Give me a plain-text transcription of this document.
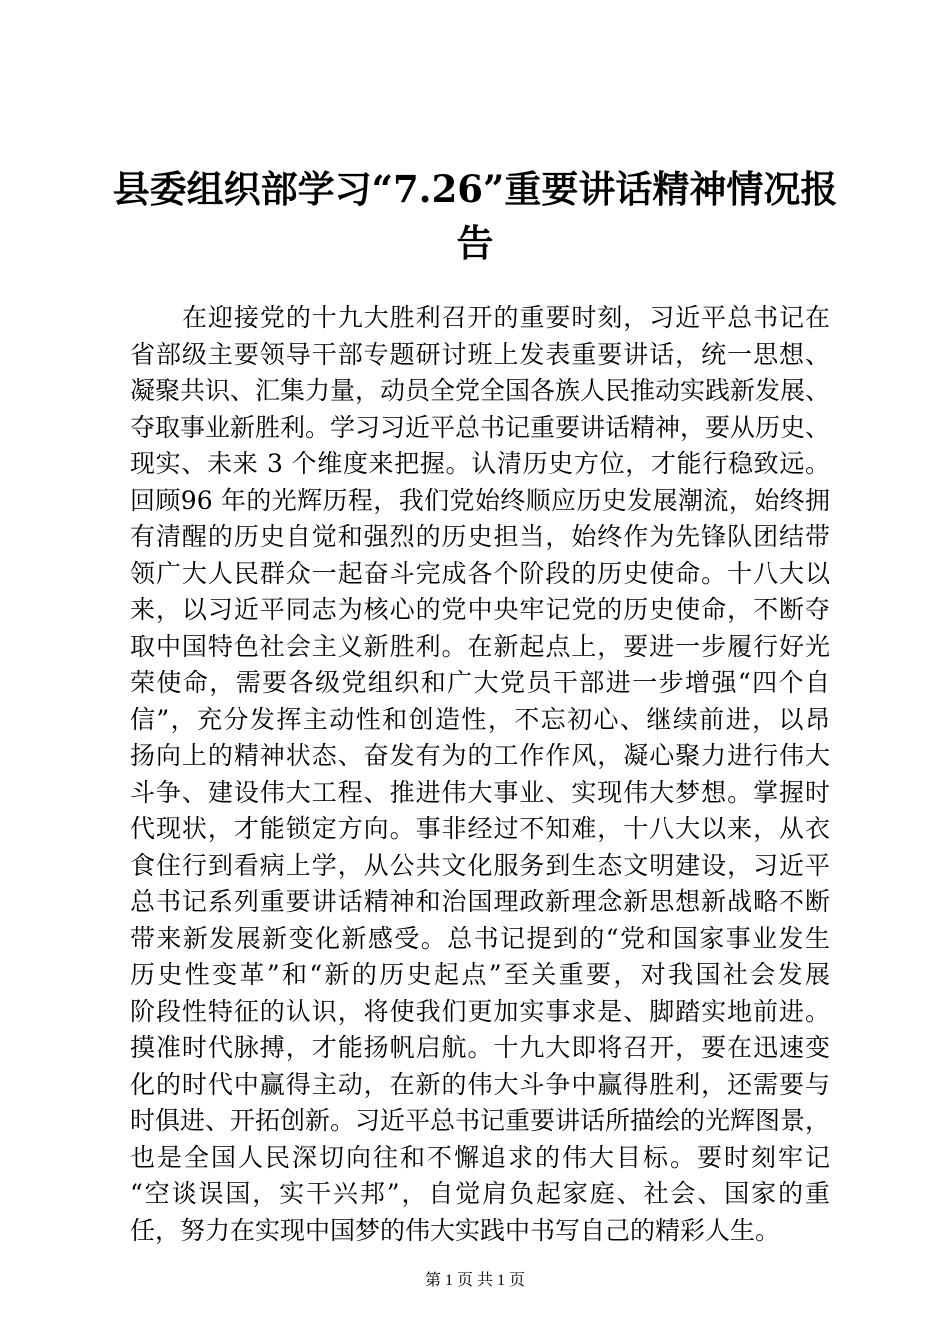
县委组织部学习“7.26”重要讲话精神情况报
告
在迎接党的十九大胜利召开的重要时刻，习近平总书记在
省部级主要领导干部专题研讨班上发表重要讲话，统一思想、
凝聚共识、汇集力量，动员全党全国各族人民推动实践新发展、
夺取事业新胜利。学习习近平总书记重要讲话精神，要从历史、
现实、未来 3 个维度来把握。认清历史方位，才能行稳致远。
回顾96 年的光辉历程，我们党始终顺应历史发展潮流，始终拥
有清醒的历史自觉和强烈的历史担当，始终作为先锋队团结带
领广大人民群众一起奋斗完成各个阶段的历史使命。十八大以
来，以习近平同志为核心的党中央牢记党的历史使命，不断夺
取中国特色社会主义新胜利。在新起点上，要进一步履行好光
荣使命，需要各级党组织和广大党员干部进一步增强“四个自
信”，充分发挥主动性和创造性，不忘初心、继续前进，以昂
扬向上的精神状态、奋发有为的工作作风，凝心聚力进行伟大
斗争、建设伟大工程、推进伟大事业、实现伟大梦想。掌握时
代现状，才能锁定方向。事非经过不知难，十八大以来，从衣
食住行到看病上学，从公共文化服务到生态文明建设，习近平
总书记系列重要讲话精神和治国理政新理念新思想新战略不断
带来新发展新变化新感受。总书记提到的“党和国家事业发生
历史性变革”和“新的历史起点”至关重要，对我国社会发展
阶段性特征的认识，将使我们更加实事求是、脚踏实地前进。
摸准时代脉搏，才能扬帆启航。十九大即将召开，要在迅速变
化的时代中赢得主动，在新的伟大斗争中赢得胜利，还需要与
时俱进、开拓创新。习近平总书记重要讲话所描绘的光辉图景，
也是全国人民深切向往和不懈追求的伟大目标。要时刻牢记
“空谈误国，实干兴邦”，自觉肩负起家庭、社会、国家的重
任，努力在实现中国梦的伟大实践中书写自己的精彩人生。
第 1 页 共 1 页
